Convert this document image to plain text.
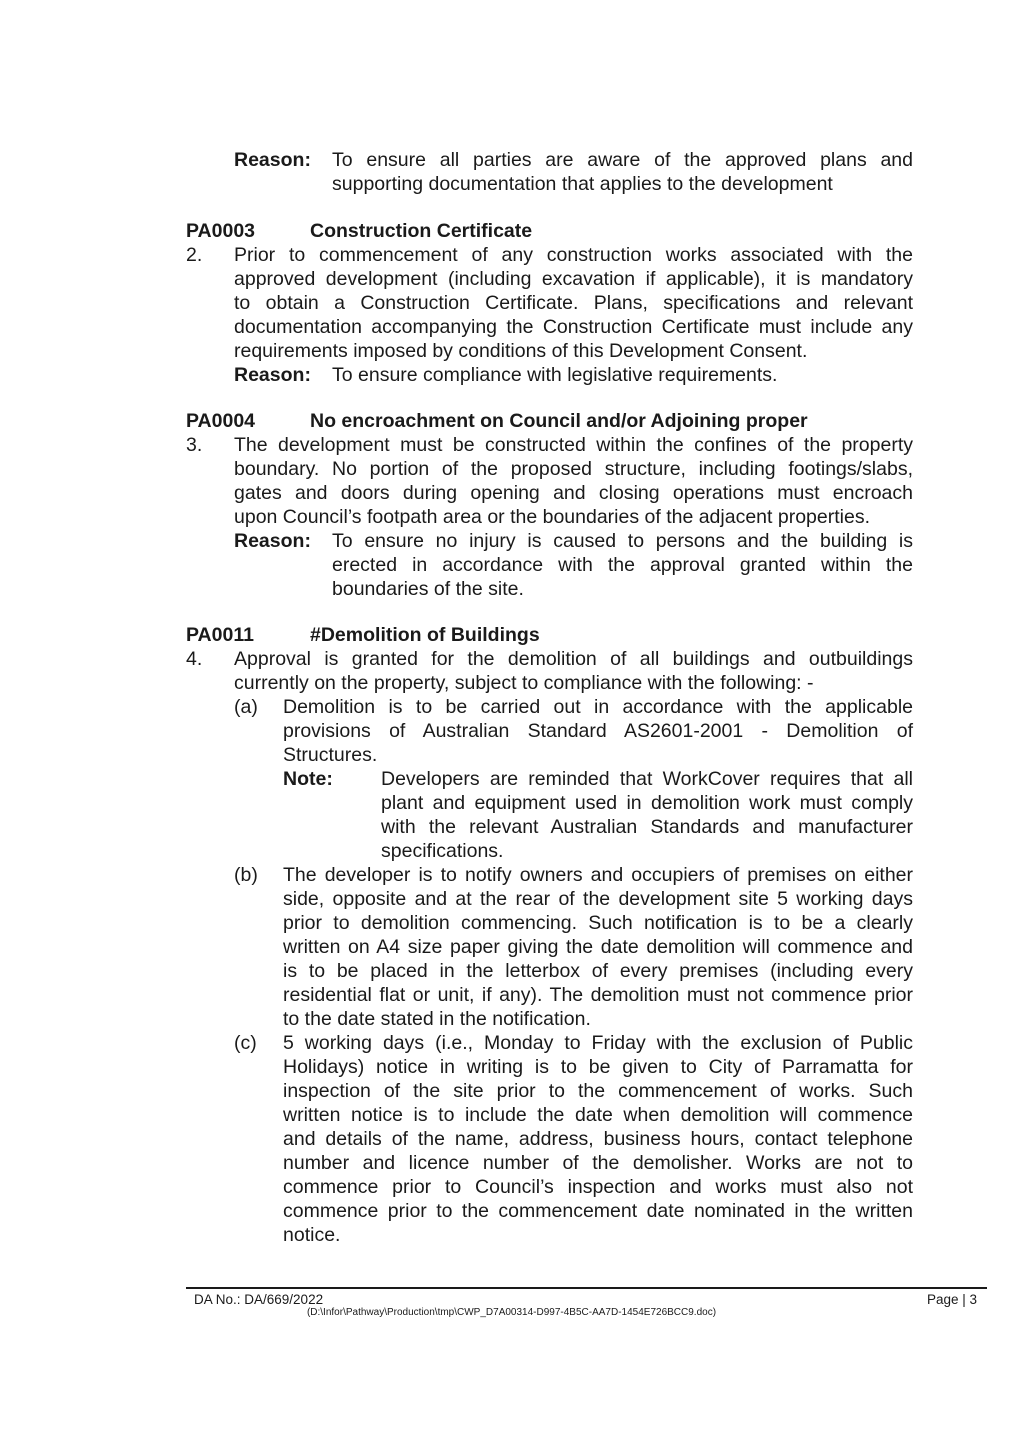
Reason: To ensure all parties are aware of the approved plans and
supporting documentation that applies to the development
PA0003	Construction Certificate
2. Prior to commencement of any construction works associated with the
approved development (including excavation if applicable), it is mandatory
to obtain a Construction Certificate. Plans, specifications and relevant
documentation accompanying the Construction Certificate must include any
requirements imposed by conditions of this Development Consent.
Reason: To ensure compliance with legislative requirements.
PA0004	No encroachment on Council and/or Adjoining proper
3. The development must be constructed within the confines of the property
boundary. No portion of the proposed structure, including footings/slabs,
gates and doors during opening and closing operations must encroach
upon Council’s footpath area or the boundaries of the adjacent properties.
Reason: To ensure no injury is caused to persons and the building is
erected in accordance with the approval granted within the
boundaries of the site.
PA0011	#Demolition of Buildings
4. Approval is granted for the demolition of all buildings and outbuildings
currently on the property, subject to compliance with the following: -
(a) Demolition is to be carried out in accordance with the applicable
provisions of Australian Standard AS2601-2001 - Demolition of
Structures.
Note: Developers are reminded that WorkCover requires that all
plant and equipment used in demolition work must comply
with the relevant Australian Standards and manufacturer
specifications.
(b) The developer is to notify owners and occupiers of premises on either
side, opposite and at the rear of the development site 5 working days
prior to demolition commencing. Such notification is to be a clearly
written on A4 size paper giving the date demolition will commence and
is to be placed in the letterbox of every premises (including every
residential flat or unit, if any). The demolition must not commence prior
to the date stated in the notification.
(c) 5 working days (i.e., Monday to Friday with the exclusion of Public
Holidays) notice in writing is to be given to City of Parramatta for
inspection of the site prior to the commencement of works. Such
written notice is to include the date when demolition will commence
and details of the name, address, business hours, contact telephone
number and licence number of the demolisher. Works are not to
commence prior to Council’s inspection and works must also not
commence prior to the commencement date nominated in the written
notice.
DA No.: DA/669/2022	Page | 3
(D:\Infor\Pathway\Production\tmp\CWP_D7A00314-D997-4B5C-AA7D-1454E726BCC9.doc)
